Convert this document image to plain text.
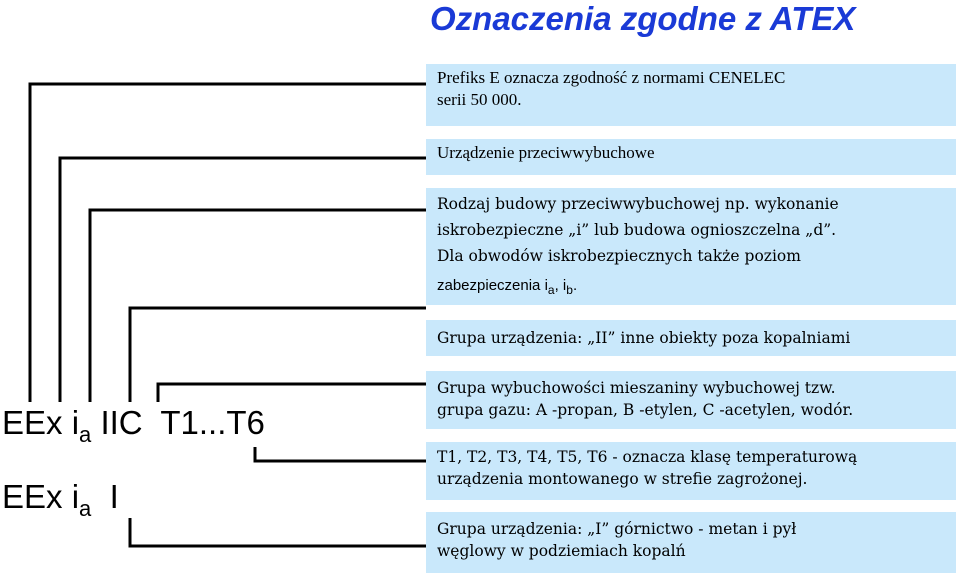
Oznaczenia zgodne z ATEX
Prefiks E oznacza zgodność z normami CENELEC
serii 50 000.
Urządzenie przeciwwybuchowe
Rodzaj budowy przeciwwybuchowej np. wykonanie
iskrobezpieczne „i” lub budowa ognioszczelna „d”.
Dla obwodów iskrobezpiecznych także poziom
zabezpieczenia $i_a$, $i_b$.
Grupa urządzenia: „II” inne obiekty poza kopalniami
Grupa wybuchowości mieszaniny wybuchowej tzw.
grupa gazu: A -propan, B -etylen, C -acetylen, wodór.
T1, T2, T3, T4, T5, T6 - oznacza klasę temperaturową
urządzenia montowanego w strefie zagrożonej.
Grupa urządzenia: „I” górnictwo - metan i pył
węglowy w podziemiach kopalń
EEx $i_a$ IIC  T1...T6
EEx $i_a$ I
